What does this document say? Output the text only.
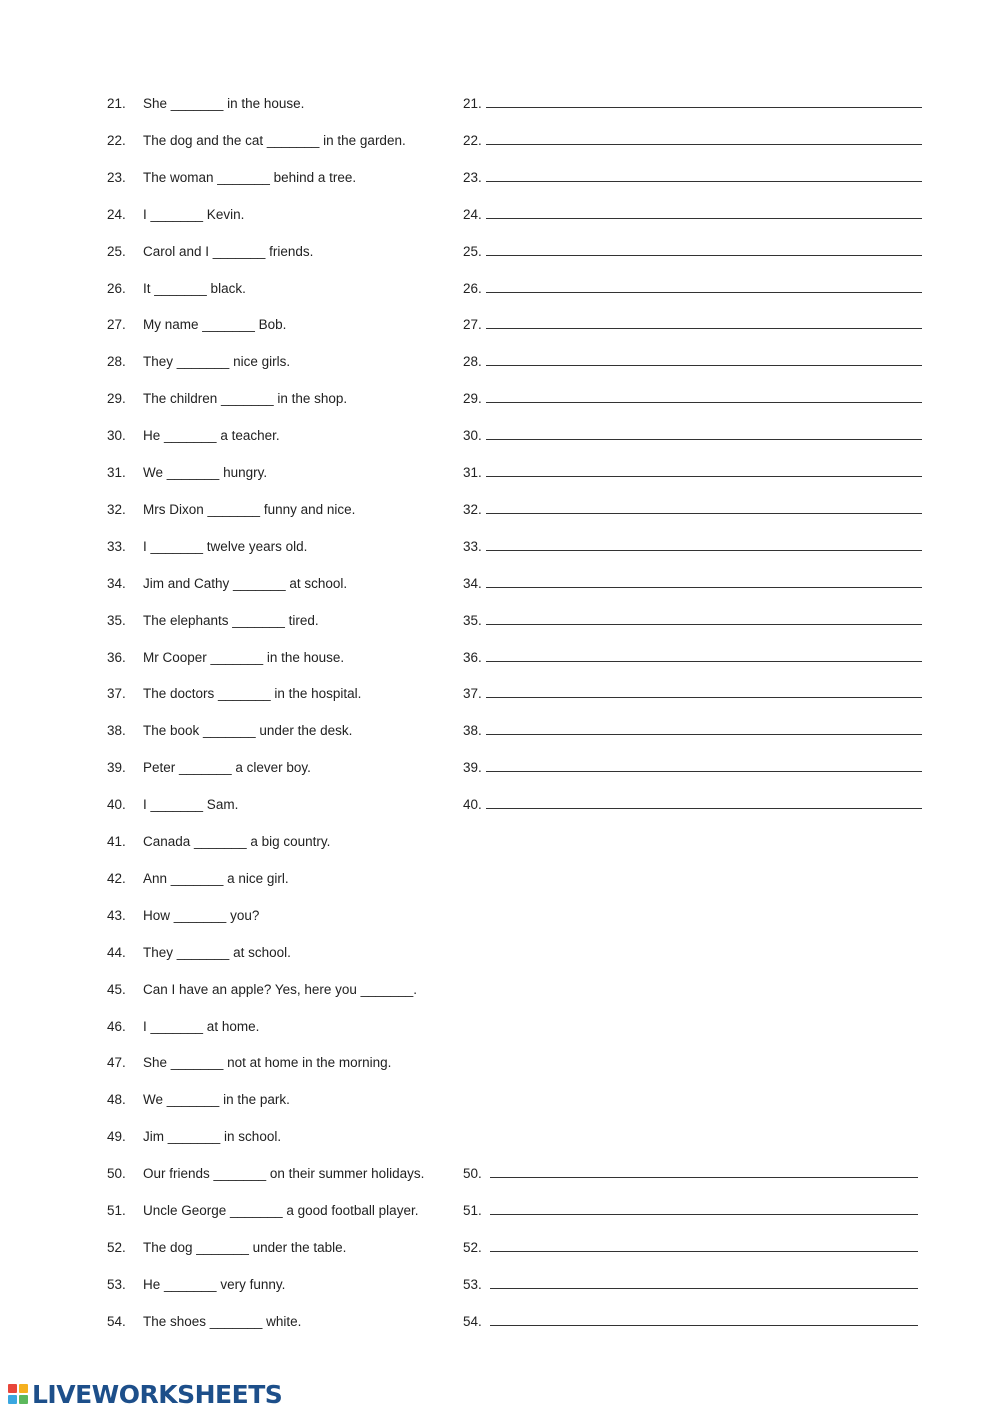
21. She _______ in the house.	21.
22. The dog and the cat _______ in the garden.	22.
23. The woman _______ behind a tree.	23.
24. I _______ Kevin.	24.
25. Carol and I _______ friends.	25.
26. It _______ black.	26.
27. My name _______ Bob.	27.
28. They _______ nice girls.	28.
29. The children _______ in the shop.	29.
30. He _______ a teacher.	30.
31. We _______ hungry.	31.
32. Mrs Dixon _______ funny and nice.	32.
33. I _______ twelve years old.	33.
34. Jim and Cathy _______ at school.	34.
35. The elephants _______ tired.	35.
36. Mr Cooper _______ in the house.	36.
37. The doctors _______ in the hospital.	37.
38. The book _______ under the desk.	38.
39. Peter _______ a clever boy.	39.
40. I _______ Sam.	40.
41. Canada _______ a big country.
42. Ann _______ a nice girl.
43. How _______ you?
44. They _______ at school.
45. Can I have an apple? Yes, here you _______.
46. I _______ at home.
47. She _______ not at home in the morning.
48. We _______ in the park.
49. Jim _______ in school.
50. Our friends _______ on their summer holidays.	50.
51. Uncle George _______ a good football player.	51.
52. The dog _______ under the table.	52.
53. He _______ very funny.	53.
54. The shoes _______ white.	54.
LIVEWORKSHEETS
